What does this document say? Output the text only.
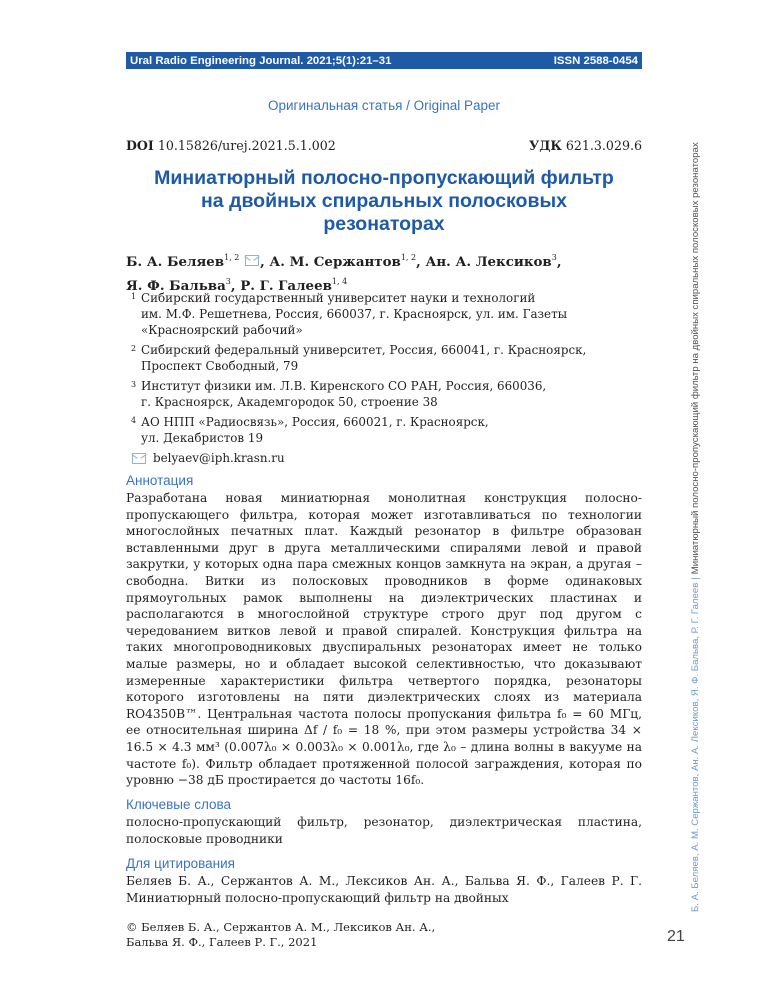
Ural Radio Engineering Journal. 2021;5(1):21–31	ISSN 2588-0454
Оригинальная статья / Original Paper
DOI 10.15826/urej.2021.5.1.002	УДК 621.3.029.6
Миниатюрный полосно-пропускающий фильтр
на двойных спиральных полосковых
резонаторах
Б. А. Беляев$^{1, 2}$ , А. М. Сержантов$^{1, 2}$, Ан. А. Лексиков$^3$,
Я. Ф. Бальва$^3$, Р. Г. Галеев$^{1, 4}$
1 Сибирский государственный университет науки и технологий
им. М.Ф. Решетнева, Россия, 660037, г. Красноярск, ул. им. Газеты
«Красноярский рабочий»
2 Сибирский федеральный университет, Россия, 660041, г. Красноярск,
Проспект Свободный, 79
3 Институт физики им. Л.В. Киренского СО РАН, Россия, 660036,
г. Красноярск, Академгородок 50, строение 38
4 АО НПП «Радиосвязь», Россия, 660021, г. Красноярск,
ул. Декабристов 19
belyaev@iph.krasn.ru
Аннотация
Разработана новая миниатюрная монолитная конструкция полосно-пропускающего фильтра, которая может изготавливаться по технологии многослойных печатных плат. Каждый резонатор в фильтре образован вставленными друг в друга металлическими спиралями левой и правой закрутки, у которых одна пара смежных концов замкнута на экран, а другая – свободна. Витки из полосковых проводников в форме одинаковых прямоугольных рамок выполнены на диэлектрических пластинах и располагаются в многослойной структуре строго друг под другом с чередованием витков левой и правой спиралей. Конструкция фильтра на таких многопроводниковых двуспиральных резонаторах имеет не только малые размеры, но и обладает высокой селективностью, что доказывают измеренные характеристики фильтра четвертого порядка, резонаторы которого изготовлены на пяти диэлектрических слоях из материала RO4350B™. Центральная частота полосы пропускания фильтра f₀ = 60 МГц, ее относительная ширина Δf / f₀ = 18 %, при этом размеры устройства 34 × 16.5 × 4.3 мм³ (0.007λ₀ × 0.003λ₀ × 0.001λ₀, где λ₀ – длина волны в вакууме на частоте f₀). Фильтр обладает протяженной полосой заграждения, которая по уровню −38 дБ простирается до частоты 16f₀.
Ключевые слова
полосно-пропускающий фильтр, резонатор, диэлектрическая пластина, полосковые проводники
Для цитирования
Беляев Б. А., Сержантов А. М., Лексиков Ан. А., Бальва Я. Ф., Галеев Р. Г. Миниатюрный полосно-пропускающий фильтр на двойных
© Беляев Б. А., Сержантов А. М., Лексиков Ан. А.,
Бальва Я. Ф., Галеев Р. Г., 2021	21
Б. А. Беляев, А. М. Сержантов, Ан. А. Лексиков, Я. Ф. Бальва, Р. Г. Галеев|Миниатюрный полосно-пропускающий фильтр на двойных спиральных полосковых резонаторах
